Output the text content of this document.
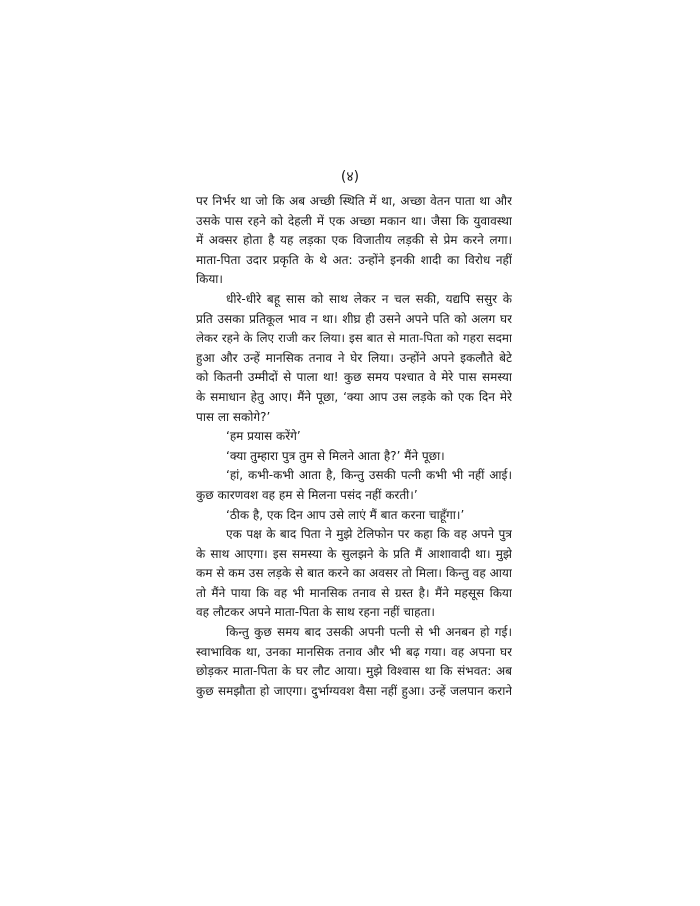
(४)
पर निर्भर था जो कि अब अच्छी स्थिति में था, अच्छा वेतन पाता था और
उसके पास रहने को देहली में एक अच्छा मकान था। जैसा कि युवावस्था
में अक्सर होता है यह लड़का एक विजातीय लड़की से प्रेम करने लगा।
माता-पिता उदार प्रकृति के थे अत: उन्होंने इनकी शादी का विरोध नहीं
किया।
धीरे-धीरे बहू सास को साथ लेकर न चल सकी, यद्यपि ससुर के
प्रति उसका प्रतिकूल भाव न था। शीघ्र ही उसने अपने पति को अलग घर
लेकर रहने के लिए राजी कर लिया। इस बात से माता-पिता को गहरा सदमा
हुआ और उन्हें मानसिक तनाव ने घेर लिया। उन्होंने अपने इकलौते बेटे
को कितनी उम्मीदों से पाला था! कुछ समय पश्चात वे मेरे पास समस्या
के समाधान हेतु आए। मैंने पूछा, ‘क्या आप उस लड़के को एक दिन मेरे
पास ला सकोगे?’
‘हम प्रयास करेंगे’
‘क्या तुम्हारा पुत्र तुम से मिलने आता है?’ मैंने पूछा।
‘हां, कभी-कभी आता है, किन्तु उसकी पत्नी कभी भी नहीं आई।
कुछ कारणवश वह हम से मिलना पसंद नहीं करती।’
‘ठीक है, एक दिन आप उसे लाएं मैं बात करना चाहूँगा।’
एक पक्ष के बाद पिता ने मुझे टेलिफोन पर कहा कि वह अपने पुत्र
के साथ आएगा। इस समस्या के सुलझने के प्रति मैं आशावादी था। मुझे
कम से कम उस लड़के से बात करने का अवसर तो मिला। किन्तु वह आया
तो मैंने पाया कि वह भी मानसिक तनाव से ग्रस्त है। मैंने महसूस किया
वह लौटकर अपने माता-पिता के साथ रहना नहीं चाहता।
किन्तु कुछ समय बाद उसकी अपनी पत्नी से भी अनबन हो गई।
स्वाभाविक था, उनका मानसिक तनाव और भी बढ़ गया। वह अपना घर
छोड़कर माता-पिता के घर लौट आया। मुझे विश्वास था कि संभवत: अब
कुछ समझौता हो जाएगा। दुर्भाग्यवश वैसा नहीं हुआ। उन्हें जलपान कराने
